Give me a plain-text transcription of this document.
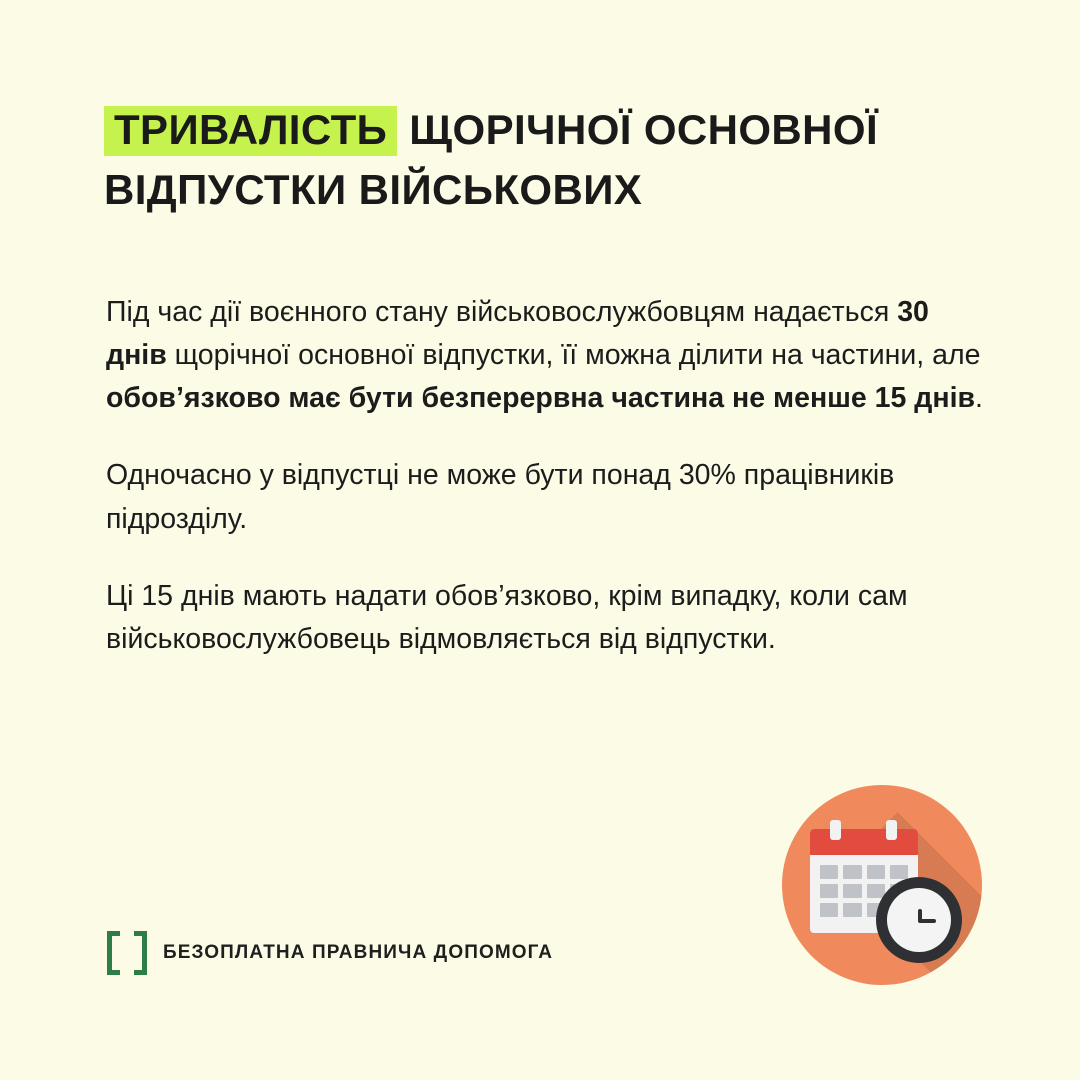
ТРИВАЛІСТЬ ЩОРІЧНОЇ ОСНОВНОЇ
ВІДПУСТКИ ВІЙСЬКОВИХ

Під час дії воєнного стану військовослужбовцям надається 30 днів щорічної основної відпустки, її можна ділити на частини, але обов’язково має бути безперервна частина не менше 15 днів.

Одночасно у відпустці не може бути понад 30% працівників підрозділу.

Ці 15 днів мають надати обов’язково, крім випадку, коли сам військовослужбовець відмовляється від відпустки.

БЕЗОПЛАТНА ПРАВНИЧА ДОПОМОГА
